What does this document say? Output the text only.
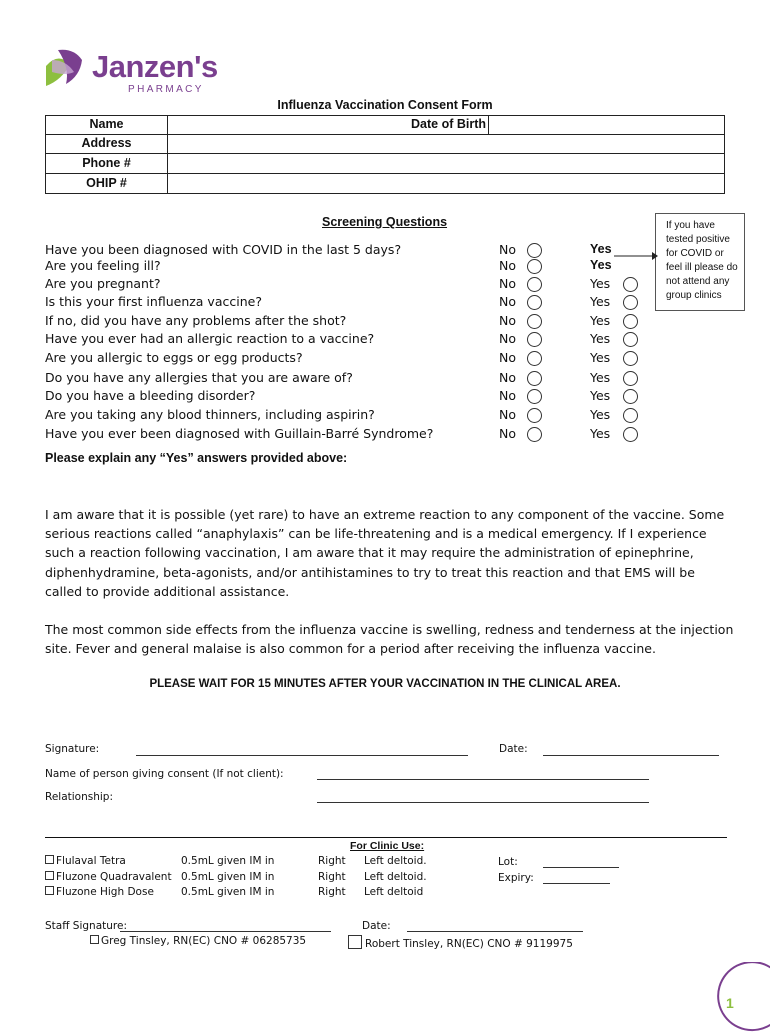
Janzen's
PHARMACY
Influenza Vaccination Consent Form
Name	Date of Birth
Address
Phone #
OHIP #
Screening Questions	If you have tested positive for COVID or feel ill please do not attend any group clinics
Have you been diagnosed with COVID in the last 5 days?	No	Yes
Are you feeling ill?	No	Yes
Are you pregnant?	No	Yes
Is this your first influenza vaccine?	No	Yes
If no, did you have any problems after the shot?	No	Yes
Have you ever had an allergic reaction to a vaccine?	No	Yes
Are you allergic to eggs or egg products?	No	Yes
Do you have any allergies that you are aware of?	No	Yes
Do you have a bleeding disorder?	No	Yes
Are you taking any blood thinners, including aspirin?	No	Yes
Have you ever been diagnosed with Guillain-Barré Syndrome?	No	Yes
Please explain any “Yes” answers provided above:
I am aware that it is possible (yet rare) to have an extreme reaction to any component of the vaccine. Some serious reactions called “anaphylaxis” can be life-threatening and is a medical emergency. If I experience such a reaction following vaccination, I am aware that it may require the administration of epinephrine, diphenhydramine, beta-agonists, and/or antihistamines to try to treat this reaction and that EMS will be called to provide additional assistance.
The most common side effects from the influenza vaccine is swelling, redness and tenderness at the injection site. Fever and general malaise is also common for a period after receiving the influenza vaccine.
PLEASE WAIT FOR 15 MINUTES AFTER YOUR VACCINATION IN THE CLINICAL AREA.
Signature:	Date:
Name of person giving consent (If not client):
Relationship:
For Clinic Use:
Flulaval Tetra	0.5mL given IM in	Right Left deltoid.
Fluzone Quadravalent 0.5mL given IM in	Right Left deltoid.
Fluzone High Dose	0.5mL given IM in	Right Left deltoid
Lot:
Expiry:
Staff Signature:	Date:
Greg Tinsley, RN(EC) CNO # 06285735	Robert Tinsley, RN(EC) CNO # 9119975
1
